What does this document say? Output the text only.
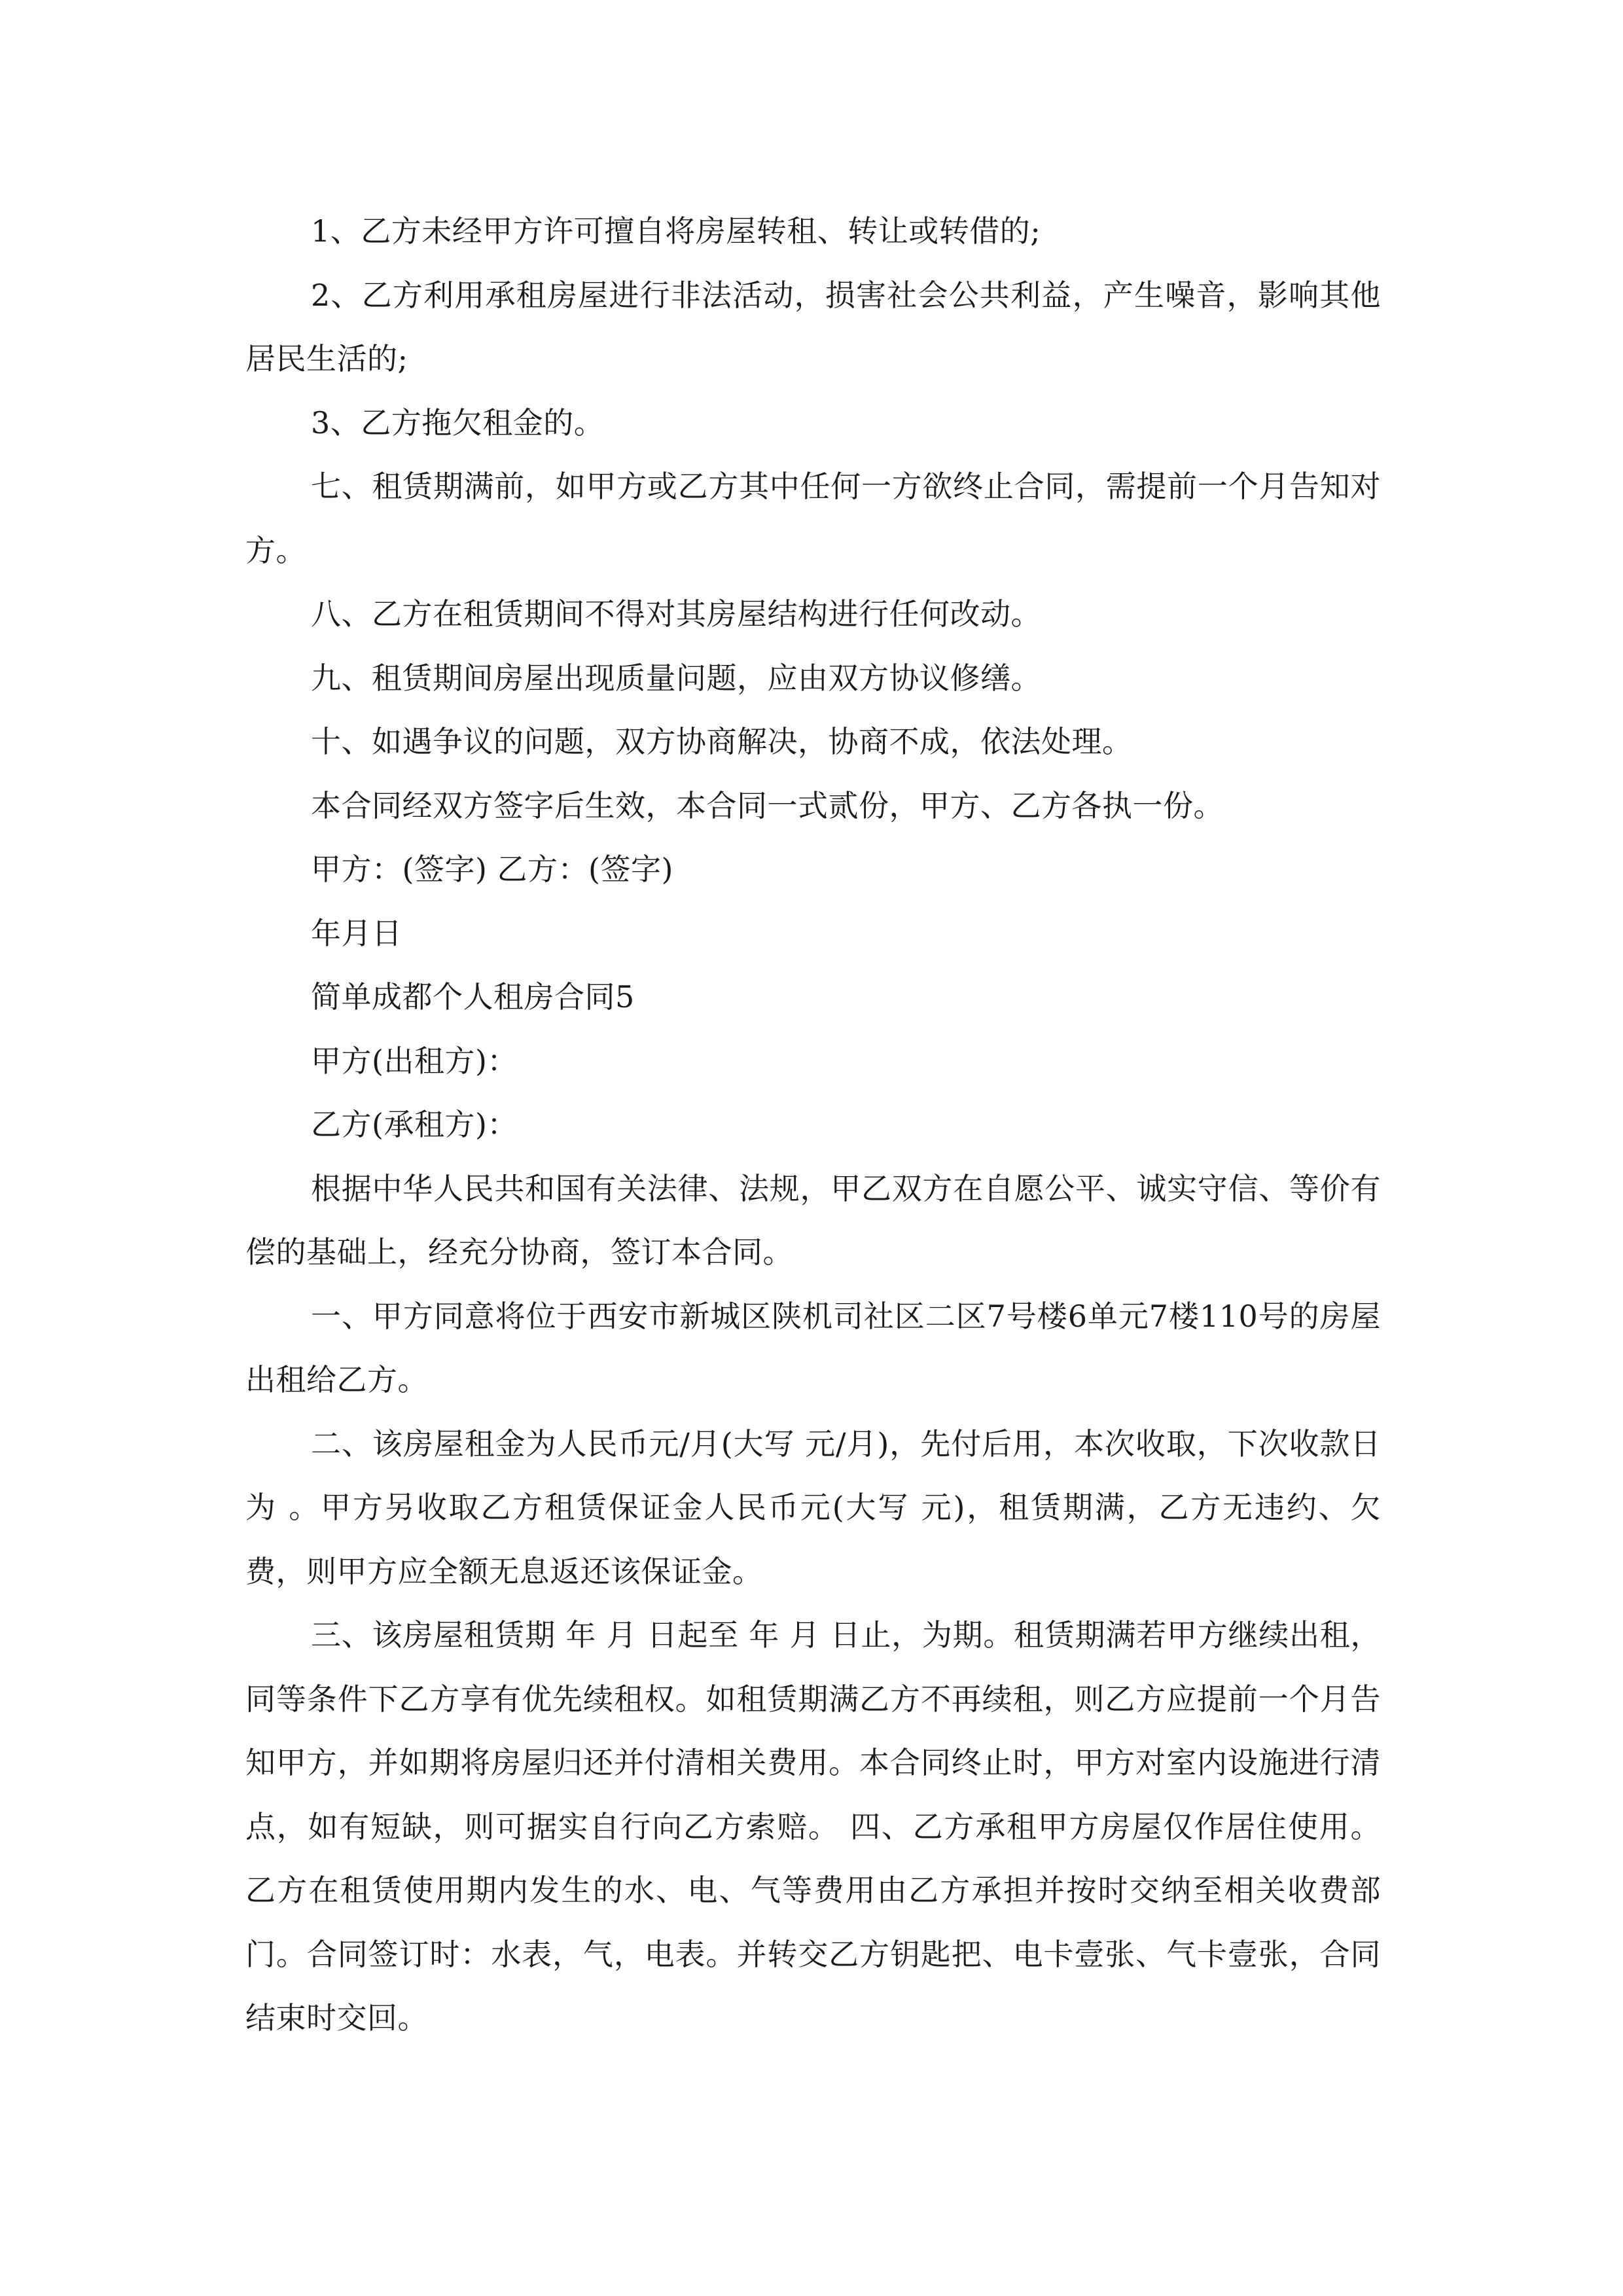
1、乙方未经甲方许可擅自将房屋转租、转让或转借的;

2、乙方利用承租房屋进行非法活动，损害社会公共利益，产生噪音，影响其他居民生活的;

3、乙方拖欠租金的。

七、租赁期满前，如甲方或乙方其中任何一方欲终止合同，需提前一个月告知对方。

八、乙方在租赁期间不得对其房屋结构进行任何改动。

九、租赁期间房屋出现质量问题，应由双方协议修缮。

十、如遇争议的问题，双方协商解决，协商不成，依法处理。

本合同经双方签字后生效，本合同一式贰份，甲方、乙方各执一份。

甲方：(签字) 乙方：(签字)

年月日

简单成都个人租房合同5

甲方(出租方)：

乙方(承租方)：

根据中华人民共和国有关法律、法规，甲乙双方在自愿公平、诚实守信、等价有偿的基础上，经充分协商，签订本合同。

一、甲方同意将位于西安市新城区陕机司社区二区7号楼6单元7楼110号的房屋出租给乙方。

二、该房屋租金为人民币元/月(大写 元/月)，先付后用，本次收取，下次收款日为 。甲方另收取乙方租赁保证金人民币元(大写 元)，租赁期满，乙方无违约、欠费，则甲方应全额无息返还该保证金。

三、该房屋租赁期 年 月 日起至 年 月 日止，为期。租赁期满若甲方继续出租，同等条件下乙方享有优先续租权。如租赁期满乙方不再续租，则乙方应提前一个月告知甲方，并如期将房屋归还并付清相关费用。本合同终止时，甲方对室内设施进行清点，如有短缺，则可据实自行向乙方索赔。 四、乙方承租甲方房屋仅作居住使用。乙方在租赁使用期内发生的水、电、气等费用由乙方承担并按时交纳至相关收费部门。合同签订时：水表，气，电表。并转交乙方钥匙把、电卡壹张、气卡壹张，合同结束时交回。
